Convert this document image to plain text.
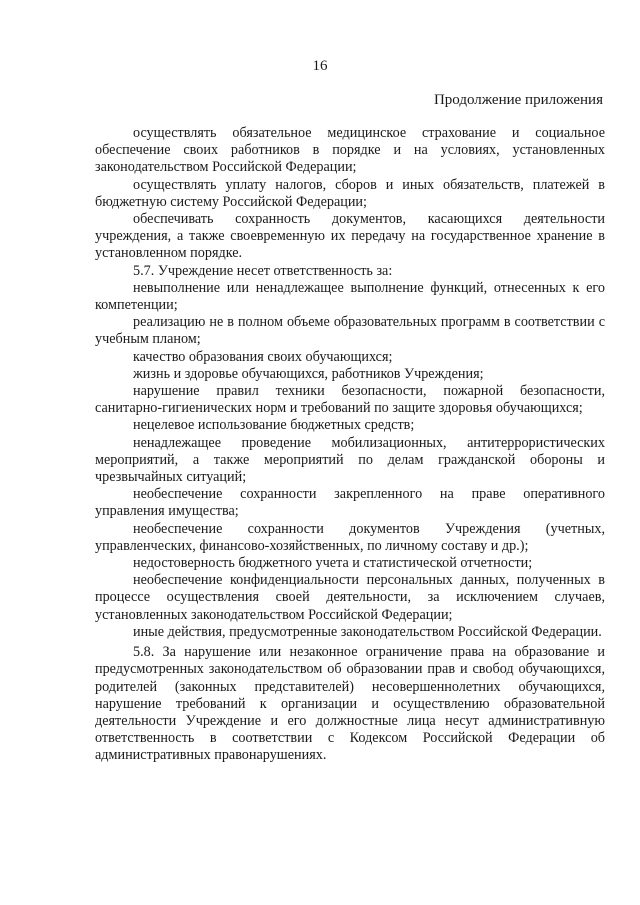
16
Продолжение приложения

осуществлять обязательное медицинское страхование и социальное обеспечение своих работников в порядке и на условиях, установленных законодательством Российской Федерации;

осуществлять уплату налогов, сборов и иных обязательств, платежей в бюджетную систему Российской Федерации;

обеспечивать сохранность документов, касающихся деятельности учреждения, а также своевременную их передачу на государственное хранение в установленном порядке.

5.7. Учреждение несет ответственность за:

невыполнение или ненадлежащее выполнение функций, отнесенных к его компетенции;

реализацию не в полном объеме образовательных программ в соответствии с учебным планом;

качество образования своих обучающихся;

жизнь и здоровье обучающихся, работников Учреждения;

нарушение правил техники безопасности, пожарной безопасности, санитарно-гигиенических норм и требований по защите здоровья обучающихся;

нецелевое использование бюджетных средств;

ненадлежащее проведение мобилизационных, антитеррористических мероприятий, а также мероприятий по делам гражданской обороны и чрезвычайных ситуаций;

необеспечение сохранности закрепленного на праве оперативного управления имущества;

необеспечение сохранности документов Учреждения (учетных, управленческих, финансово-хозяйственных, по личному составу и др.);

недостоверность бюджетного учета и статистической отчетности;

необеспечение конфиденциальности персональных данных, полученных в процессе осуществления своей деятельности, за исключением случаев, установленных законодательством Российской Федерации;

иные действия, предусмотренные законодательством Российской Федерации.

5.8. За нарушение или незаконное ограничение права на образование и предусмотренных законодательством об образовании прав и свобод обучающихся, родителей (законных представителей) несовершеннолетних обучающихся, нарушение требований к организации и осуществлению образовательной деятельности Учреждение и его должностные лица несут административную ответственность в соответствии с Кодексом Российской Федерации об административных правонарушениях.
